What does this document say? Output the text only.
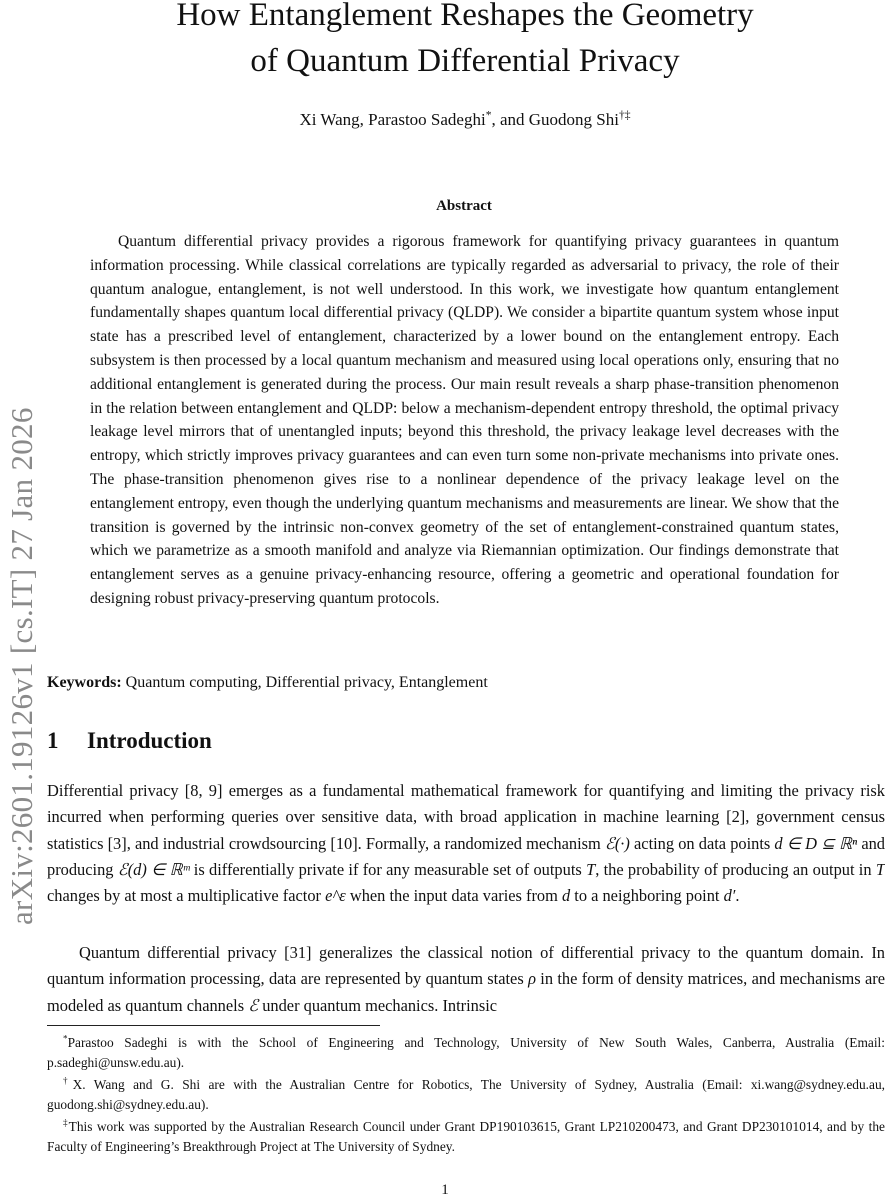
arXiv:2601.19126v1 [cs.IT] 27 Jan 2026
How Entanglement Reshapes the Geometry
of Quantum Differential Privacy
Xi Wang, Parastoo Sadeghi*, and Guodong Shi†‡
Abstract
Quantum differential privacy provides a rigorous framework for quantifying privacy guarantees in quantum information processing. While classical correlations are typically regarded as adversarial to privacy, the role of their quantum analogue, entanglement, is not well understood. In this work, we investigate how quantum entanglement fundamentally shapes quantum local differential privacy (QLDP). We consider a bipartite quantum system whose input state has a prescribed level of entanglement, characterized by a lower bound on the entanglement entropy. Each subsystem is then processed by a local quantum mechanism and measured using local operations only, ensuring that no additional entanglement is generated during the process. Our main result reveals a sharp phase-transition phenomenon in the relation between entanglement and QLDP: below a mechanism-dependent entropy threshold, the optimal privacy leakage level mirrors that of unentangled inputs; beyond this threshold, the privacy leakage level decreases with the entropy, which strictly improves privacy guarantees and can even turn some non-private mechanisms into private ones. The phase-transition phenomenon gives rise to a nonlinear dependence of the privacy leakage level on the entanglement entropy, even though the underlying quantum mechanisms and measurements are linear. We show that the transition is governed by the intrinsic non-convex geometry of the set of entanglement-constrained quantum states, which we parametrize as a smooth manifold and analyze via Riemannian optimization. Our findings demonstrate that entanglement serves as a genuine privacy-enhancing resource, offering a geometric and operational foundation for designing robust privacy-preserving quantum protocols.
Keywords: Quantum computing, Differential privacy, Entanglement
1 Introduction
Differential privacy [8, 9] emerges as a fundamental mathematical framework for quantifying and limiting the privacy risk incurred when performing queries over sensitive data, with broad application in machine learning [2], government census statistics [3], and industrial crowdsourcing [10]. Formally, a randomized mechanism ℰ(·) acting on data points d ∈ D ⊆ ℝⁿ and producing ℰ(d) ∈ ℝᵐ is differentially private if for any measurable set of outputs T, the probability of producing an output in T changes by at most a multiplicative factor e^ε when the input data varies from d to a neighboring point d′.
Quantum differential privacy [31] generalizes the classical notion of differential privacy to the quantum domain. In quantum information processing, data are represented by quantum states ρ in the form of density matrices, and mechanisms are modeled as quantum channels ℰ under quantum mechanics. Intrinsic

*Parastoo Sadeghi is with the School of Engineering and Technology, University of New South Wales, Canberra, Australia (Email: p.sadeghi@unsw.edu.au).

†X. Wang and G. Shi are with the Australian Centre for Robotics, The University of Sydney, Australia (Email: xi.wang@sydney.edu.au, guodong.shi@sydney.edu.au).

‡This work was supported by the Australian Research Council under Grant DP190103615, Grant LP210200473, and Grant DP230101014, and by the Faculty of Engineering’s Breakthrough Project at The University of Sydney.

1
